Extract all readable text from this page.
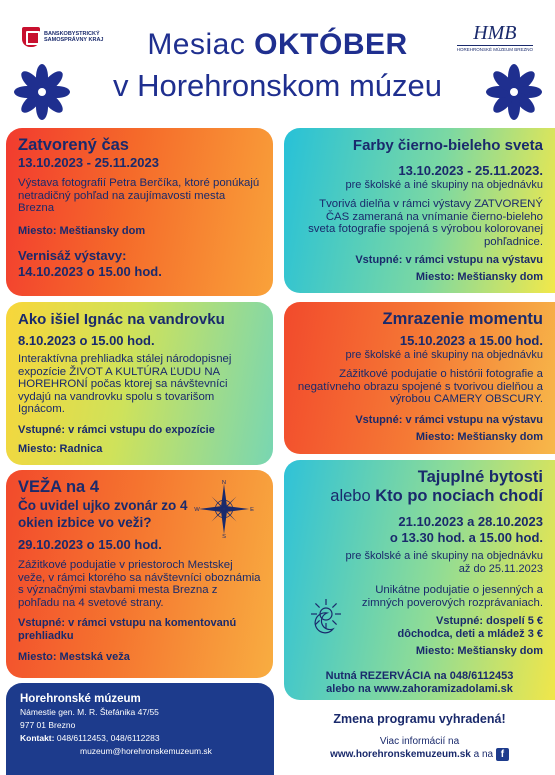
BANSKOBYSTRICKÝ SAMOSPRÁVNY KRAJ	HMB
HOREHRONSKÉ MÚZEUM BREZNO
Mesiac OKTÓBER
v Horehronskom múzeu
Zatvorený čas
13.10.2023 - 25.11.2023
Výstava fotografií Petra Berčíka, ktoré ponúkajú netradičný pohľad na zaujímavosti mesta Brezna
Miesto: Meštiansky dom
Vernisáž výstavy:
14.10.2023 o 15.00 hod.
Farby čierno-bieleho sveta
13.10.2023 - 25.11.2023.
pre školské a iné skupiny na objednávku
Tvorivá dielňa v rámci výstavy ZATVORENÝ ČAS zameraná na vnímanie čierno-bieleho sveta fotografie spojená s výrobou kolorovanej pohľadnice.
Vstupné: v rámci vstupu na výstavu
Miesto: Meštiansky dom
Ako išiel Ignác na vandrovku
8.10.2023 o 15.00 hod.
Interaktívna prehliadka stálej národopisnej expozície ŽIVOT A KULTÚRA ĽUDU NA HOREHRONÍ počas ktorej sa návštevníci vydajú na vandrovku spolu s tovarišom Ignácom.
Vstupné: v rámci vstupu do expozície
Miesto: Radnica
Zmrazenie momentu
15.10.2023 a 15.00 hod.
pre školské a iné skupiny na objednávku
Zážitkové podujatie o histórii fotografie a negatívneho obrazu spojené s tvorivou dielňou a výrobou CAMERY OBSCURY.
Vstupné: v rámci vstupu na výstavu
Miesto: Meštiansky dom
VEŽA na 4
Čo uvidel ujko zvonár zo 4 okien izbice vo veži?
29.10.2023 o 15.00 hod.
Zážitkové podujatie v priestoroch Mestskej veže, v rámci ktorého sa návštevníci oboznámia s význačnými stavbami mesta Brezna z pohľadu na 4 svetové strany.
Vstupné: v rámci vstupu na komentovanú prehliadku
Miesto: Mestská veža
N
E
S
W
Tajuplné bytosti
alebo Kto po nociach chodí
21.10.2023 a 28.10.2023
o 13.30 hod. a 15.00 hod.
pre školské a iné skupiny na objednávku
až do 25.11.2023
Unikátne podujatie o jesenných a zimných poverových rozprávaniach.
Vstupné: dospelí 5 €
dôchodca, deti a mládež 3 €
Miesto: Meštiansky dom
Nutná REZERVÁCIA na 048/6112453
alebo na www.zahoramizadolami.sk
Horehronské múzeum
Námestie gen. M. R. Štefánika 47/55
977 01 Brezno
Kontakt: 048/6112453, 048/6112283
muzeum@horehronskemuzeum.sk
Zmena programu vyhradená!
Viac informácií na
www.horehronskemuzeum.sk a na f
